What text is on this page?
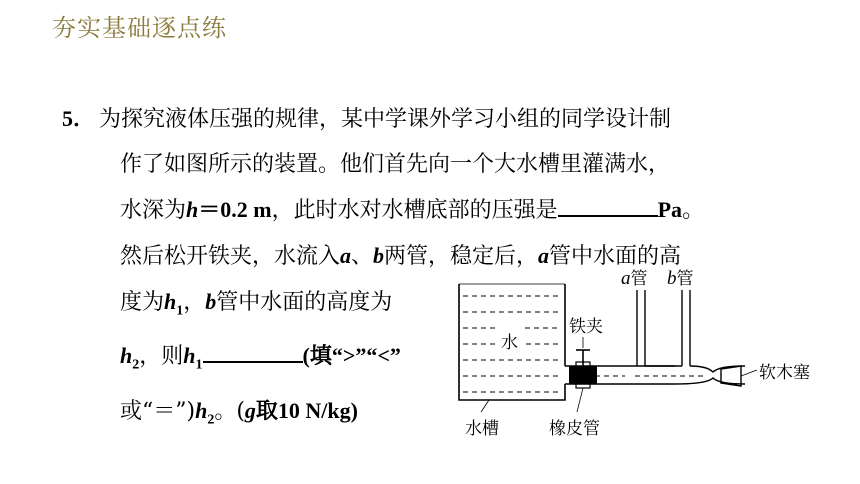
夯实基础逐点练
5． 为探究液体压强的规律，某中学课外学习小组的同学设计制
作了如图所示的装置。他们首先向一个大水槽里灌满水，
水深为h＝0.2 m，此时水对水槽底部的压强是	Pa。
然后松开铁夹，水流入a、b两管，稳定后，a管中水面的高
度为$h_1$，b管中水面的高度为
$h_2$，则$h_1$	(填“>”“<”
或“$=”)h_2$。(g取10 N/kg)
水
铁夹
a管 b管
软木塞
水槽	橡皮管
